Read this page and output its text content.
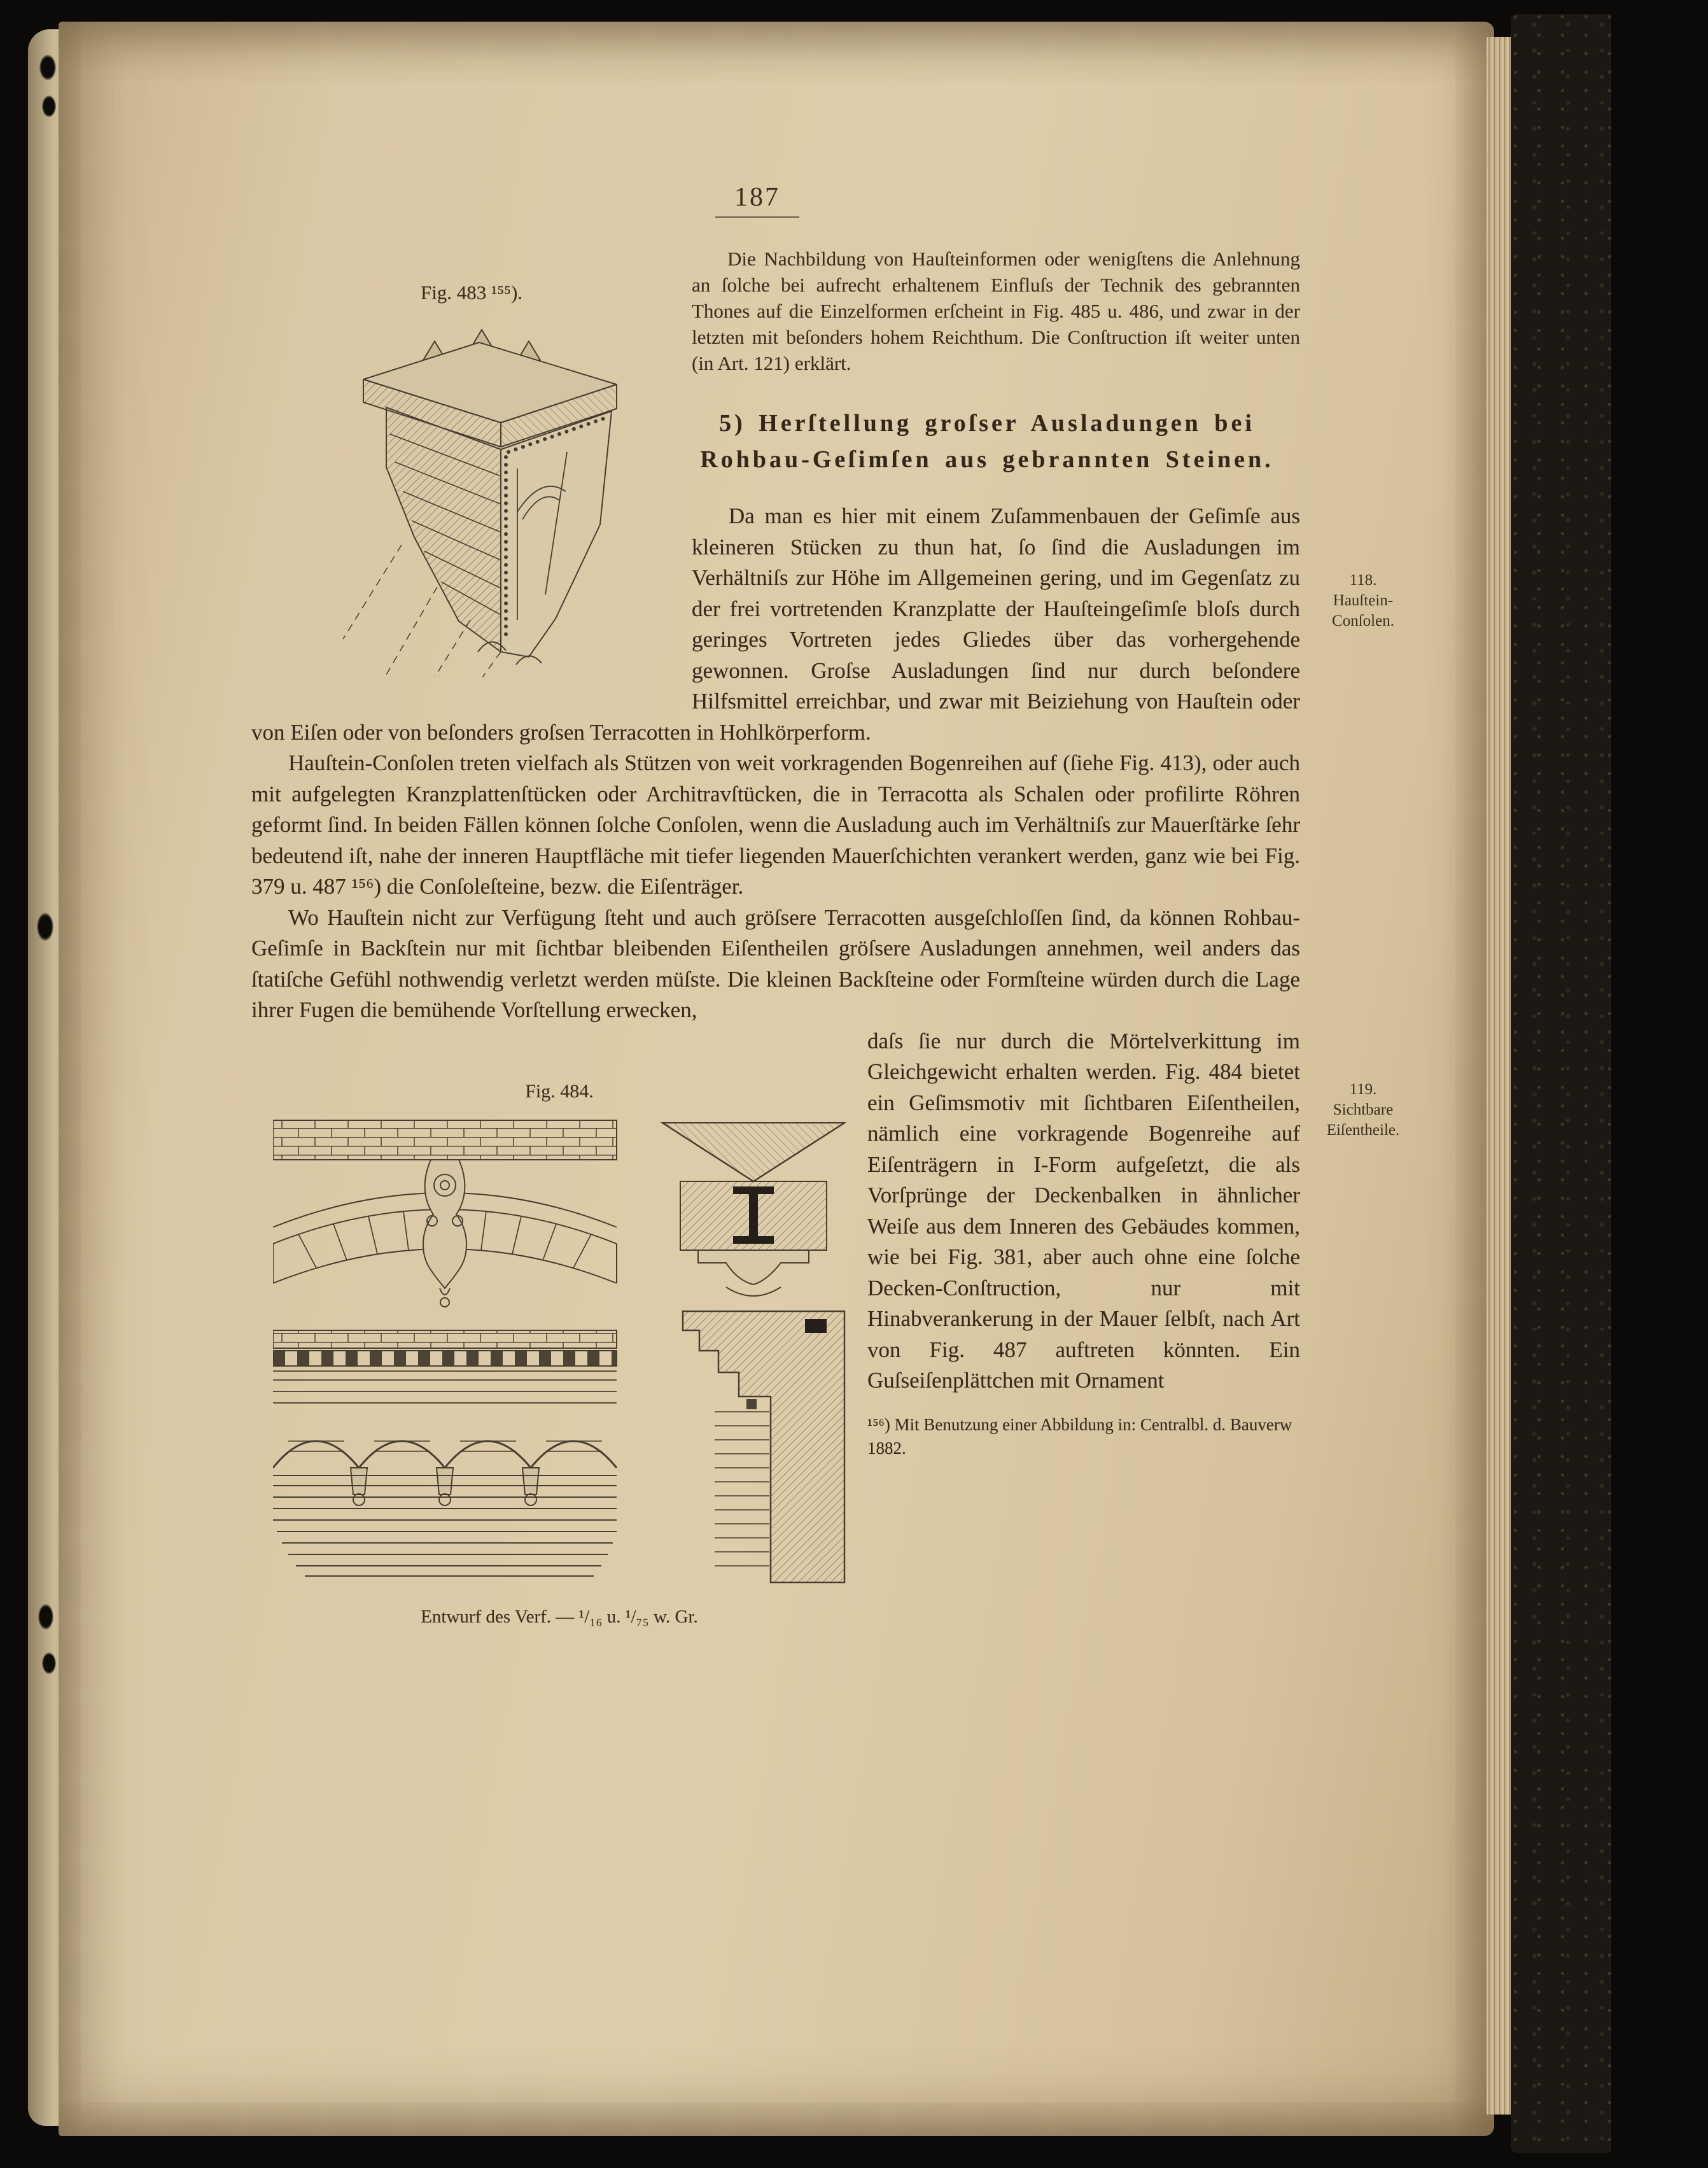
187
118.
Hauſtein-Conſolen.
119.
Sichtbare Eiſentheile.
Fig. 483 ¹⁵⁵).

Die Nachbildung von Hauſteinformen oder wenigſtens die Anlehnung an ſolche bei aufrecht erhaltenem Einfluſs der Technik des gebrannten Thones auf die Einzelformen erſcheint in Fig. 485 u. 486, und zwar in der letzten mit beſonders hohem Reichthum. Die Conſtruction iſt weiter unten (in Art. 121) erklärt.

5) Herſtellung groſser Ausladungen bei Rohbau-Geſimſen aus gebrannten Steinen.

Da man es hier mit einem Zuſammenbauen der Geſimſe aus kleineren Stücken zu thun hat, ſo ſind die Ausladungen im Verhältniſs zur Höhe im Allgemeinen gering, und im Gegenſatz zu der frei vortretenden Kranzplatte der Hauſteingeſimſe bloſs durch geringes Vortreten jedes Gliedes über das vorhergehende gewonnen. Groſse Ausladungen ſind nur durch beſondere Hilfsmittel erreichbar, und zwar mit Beiziehung von Hauſtein oder von Eiſen oder von beſonders groſsen Terracotten in Hohlkörperform.

Hauſtein-Conſolen treten vielfach als Stützen von weit vorkragenden Bogenreihen auf (ſiehe Fig. 413), oder auch mit aufgelegten Kranzplattenſtücken oder Architravſtücken, die in Terracotta als Schalen oder profilirte Röhren geformt ſind. In beiden Fällen können ſolche Conſolen, wenn die Ausladung auch im Verhältniſs zur Mauerſtärke ſehr bedeutend iſt, nahe der inneren Hauptfläche mit tiefer liegenden Mauerſchichten verankert werden, ganz wie bei Fig. 379 u. 487 ¹⁵⁶) die Conſoleſteine, bezw. die Eiſenträger.

Wo Hauſtein nicht zur Verfügung ſteht und auch gröſsere Terracotten ausgeſchloſſen ſind, da können Rohbau-Geſimſe in Backſtein nur mit ſichtbar bleibenden Eiſentheilen gröſsere Ausladungen annehmen, weil anders das ſtatiſche Gefühl nothwendig verletzt werden müſste. Die kleinen Backſteine oder Formſteine würden durch die Lage ihrer Fugen die bemühende Vorſtellung erwecken,

Fig. 484.
Entwurf des Verf. — ¹/₁₆ u. ¹/₇₅ w. Gr.

daſs ſie nur durch die Mörtelverkittung im Gleichgewicht erhalten werden. Fig. 484 bietet ein Geſimsmotiv mit ſichtbaren Eiſentheilen, nämlich eine vorkragende Bogenreihe auf Eiſenträgern in I-Form aufgeſetzt, die als Vorſprünge der Deckenbalken in ähnlicher Weiſe aus dem Inneren des Gebäudes kommen, wie bei Fig. 381, aber auch ohne eine ſolche Decken-Conſtruction, nur mit Hinabverankerung in der Mauer ſelbſt, nach Art von Fig. 487 auftreten könnten. Ein Guſseiſenplättchen mit Ornament

¹⁵⁶) Mit Benutzung einer Abbildung in: Centralbl. d. Bauverw 1882.
